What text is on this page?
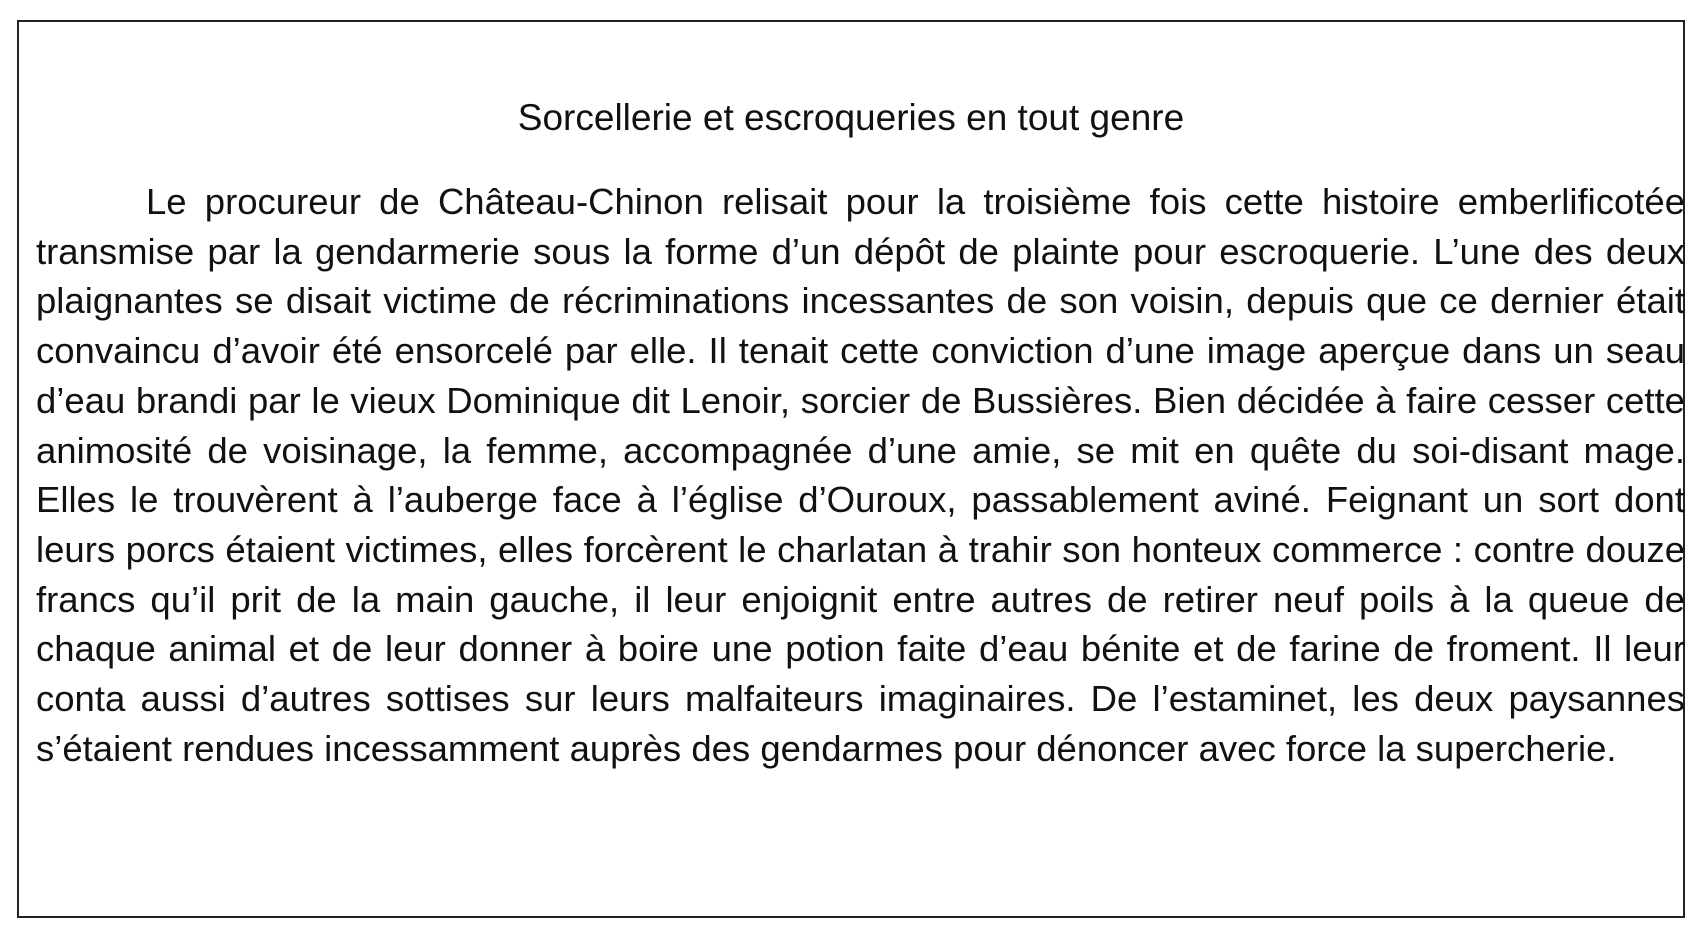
Sorcellerie et escroqueries en tout genre

Le procureur de Château-Chinon relisait pour la troisième fois cette histoire emberlificotée transmise par la gendarmerie sous la forme d’un dépôt de plainte pour escroquerie. L’une des deux plaignantes se disait victime de récriminations incessantes de son voisin, depuis que ce dernier était convaincu d’avoir été ensorcelé par elle. Il tenait cette conviction d’une image aperçue dans un seau d’eau brandi par le vieux Dominique dit Lenoir, sorcier de Bussières. Bien décidée à faire cesser cette animosité de voisinage, la femme, accompagnée d’une amie, se mit en quête du soi-disant mage. Elles le trouvèrent à l’auberge face à l’église d’Ouroux, passablement aviné. Feignant un sort dont leurs porcs étaient victimes, elles forcèrent le charlatan à trahir son honteux commerce : contre douze francs qu’il prit de la main gauche, il leur enjoignit entre autres de retirer neuf poils à la queue de chaque animal et de leur donner à boire une potion faite d’eau bénite et de farine de froment. Il leur conta aussi d’autres sottises sur leurs malfaiteurs imaginaires. De l’estaminet, les deux paysannes s’étaient rendues incessamment auprès des gendarmes pour dénoncer avec force la supercherie.
